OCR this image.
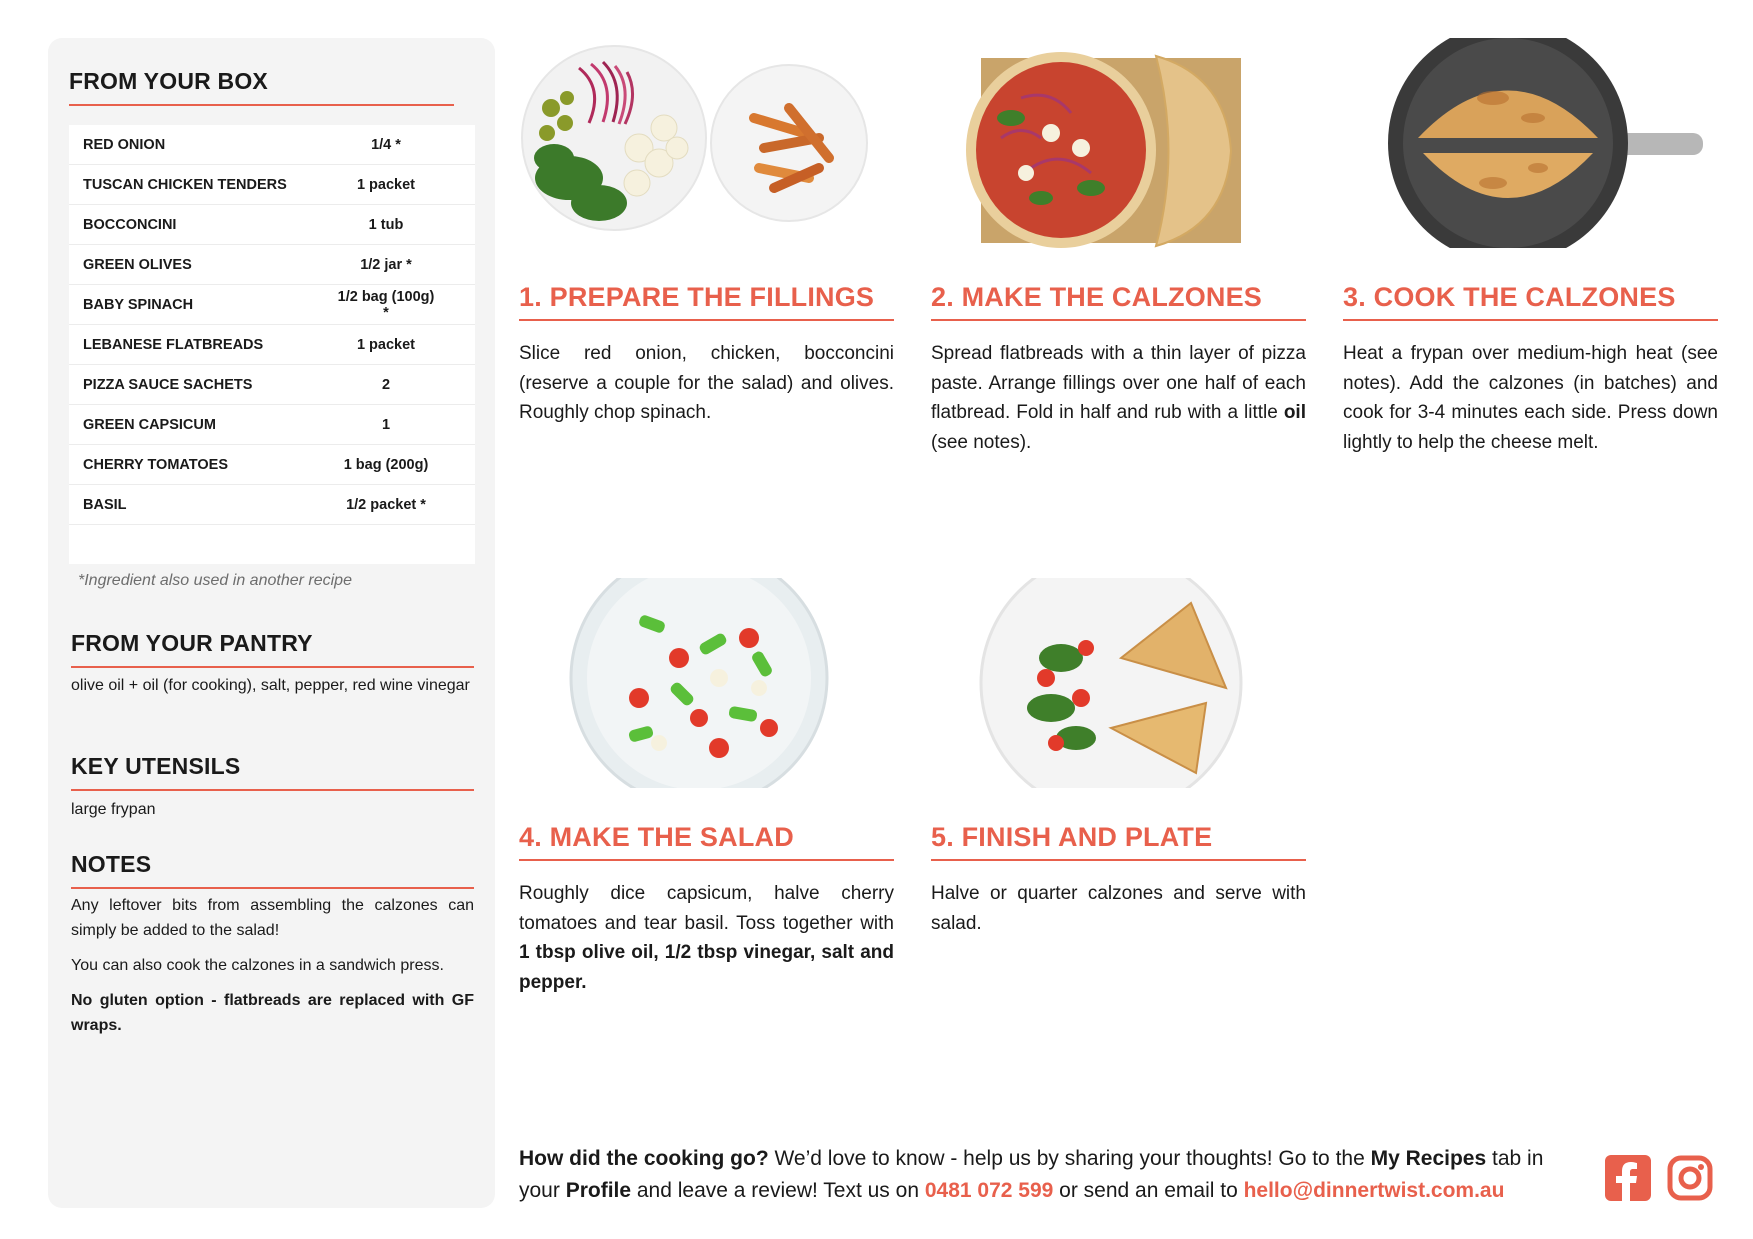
FROM YOUR BOX
RED ONION	1/4 *
TUSCAN CHICKEN TENDERS	1 packet
BOCCONCINI	1 tub
GREEN OLIVES	1/2 jar *
BABY SPINACH	1/2 bag (100g) *
LEBANESE FLATBREADS	1 packet
PIZZA SAUCE SACHETS	2
GREEN CAPSICUM	1
CHERRY TOMATOES	1 bag (200g)
BASIL	1/2 packet *

*Ingredient also used in another recipe
FROM YOUR PANTRY

olive oil + oil (for cooking), salt, pepper, red wine vinegar

KEY UTENSILS

large frypan

NOTES

Any leftover bits from assembling the calzones can simply be added to the salad!

You can also cook the calzones in a sandwich press.

No gluten option - flatbreads are replaced with GF wraps.

1. PREPARE THE FILLINGS

Slice red onion, chicken, bocconcini (reserve a couple for the salad) and olives. Roughly chop spinach.

2. MAKE THE CALZONES

Spread flatbreads with a thin layer of pizza paste. Arrange fillings over one half of each flatbread. Fold in half and rub with a little oil (see notes).

3. COOK THE CALZONES

Heat a frypan over medium-high heat (see notes). Add the calzones (in batches) and cook for 3-4 minutes each side. Press down lightly to help the cheese melt.

4. MAKE THE SALAD

Roughly dice capsicum, halve cherry tomatoes and tear basil. Toss together with 1 tbsp olive oil, 1/2 tbsp vinegar, salt and pepper.

5. FINISH AND PLATE

Halve or quarter calzones and serve with salad.

How did the cooking go? We’d love to know - help us by sharing your thoughts! Go to the My Recipes tab in your Profile and leave a review! Text us on 0481 072 599 or send an email to hello@dinnertwist.com.au
